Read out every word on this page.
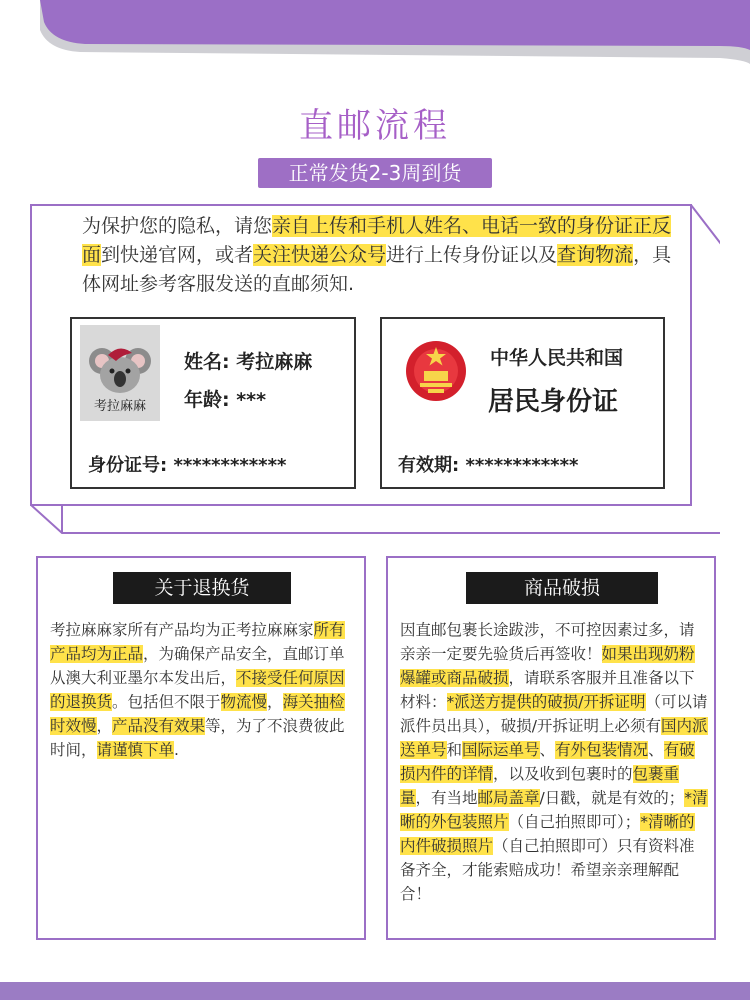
直邮流程
正常发货2-3周到货
为保护您的隐私，请您亲自上传和手机人姓名、电话一致的身份证正反面到快递官网，或者关注快递公众号进行上传身份证以及查询物流，具体网址参考客服发送的直邮须知.
考拉麻麻
姓名: 考拉麻麻
年龄: ***
身份证号: ************
中华人民共和国
居民身份证
有效期: ************
关于退换货
考拉麻麻家所有产品均为正考拉麻麻家所有产品均为正品，为确保产品安全，直邮订单从澳大利亚墨尔本发出后，不接受任何原因的退换货。包括但不限于物流慢，海关抽检时效慢，产品没有效果等，为了不浪费彼此时间，请谨慎下单.
商品破损
因直邮包裹长途跋涉，不可控因素过多，请亲亲一定要先验货后再签收！如果出现奶粉爆罐或商品破损，请联系客服并且准备以下材料：*派送方提供的破损/开拆证明（可以请派件员出具），破损/开拆证明上必须有国内派送单号和国际运单号、有外包装情况、有破损内件的详情，以及收到包裹时的包裹重量，有当地邮局盖章/日戳，就是有效的；*清晰的外包装照片（自己拍照即可）；*清晰的内件破损照片（自己拍照即可）只有资料准备齐全，才能索赔成功！希望亲亲理解配合！
